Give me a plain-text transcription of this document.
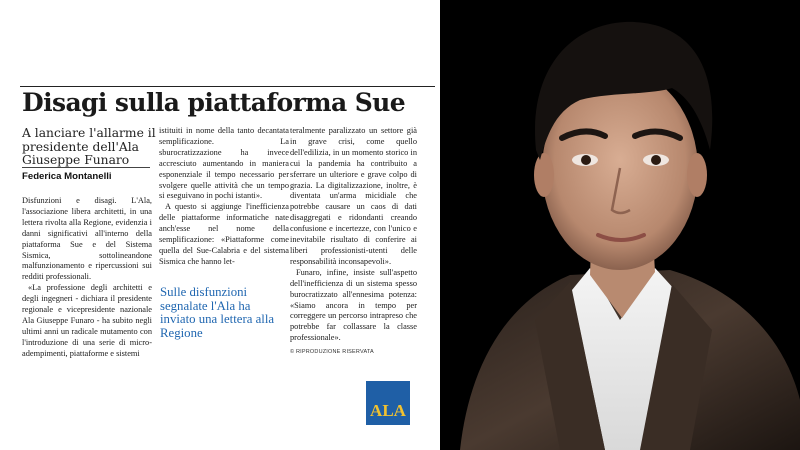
Disagi sulla piattaforma Sue
A lanciare l'allarme il presidente dell'Ala Giuseppe Funaro
Federica Montanelli

Disfunzioni e disagi. L'Ala, l'associazione libera architetti, in una lettera rivolta alla Regione, evidenzia i danni significativi all'interno della piattaforma Sue e del Sistema Sismica, sottolineandone malfunzionamento e ripercussioni sui redditi professionali.

«La professione degli architetti e degli ingegneri - dichiara il presidente regionale e vicepresidente nazionale Ala Giuseppe Funaro - ha subito negli ultimi anni un radicale mutamento con l'introduzione di una serie di micro-adempimenti, piattaforme e sistemi

istituiti in nome della tanto decantata semplificazione. La sburocratizzazione ha invece accresciuto aumentando in maniera esponenziale il tempo necessario per svolgere quelle attività che un tempo si eseguivano in pochi istanti».

A questo si aggiunge l'inefficienza delle piattaforme informatiche nate anch'esse nel nome della semplificazione: «Piattaforme come quella del Sue-Calabria e del sistema Sismica che hanno let-

Sulle disfunzioni segnalate l'Ala ha inviato una lettera alla Regione

teralmente paralizzato un settore già in grave crisi, come quello dell'edilizia, in un momento storico in cui la pandemia ha contribuito a sferrare un ulteriore e grave colpo di grazia. La digitalizzazione, inoltre, è diventata un'arma micidiale che potrebbe causare un caos di dati disaggregati e ridondanti creando confusione e incertezze, con l'unico e inevitabile risultato di conferire ai liberi professionisti-utenti delle responsabilità inconsapevoli».

Funaro, infine, insiste sull'aspetto dell'inefficienza di un sistema spesso burocratizzato all'ennesima potenza: «Siamo ancora in tempo per correggere un percorso intrapreso che potrebbe far collassare la classe professionale».

© RIPRODUZIONE RISERVATA
ALA
